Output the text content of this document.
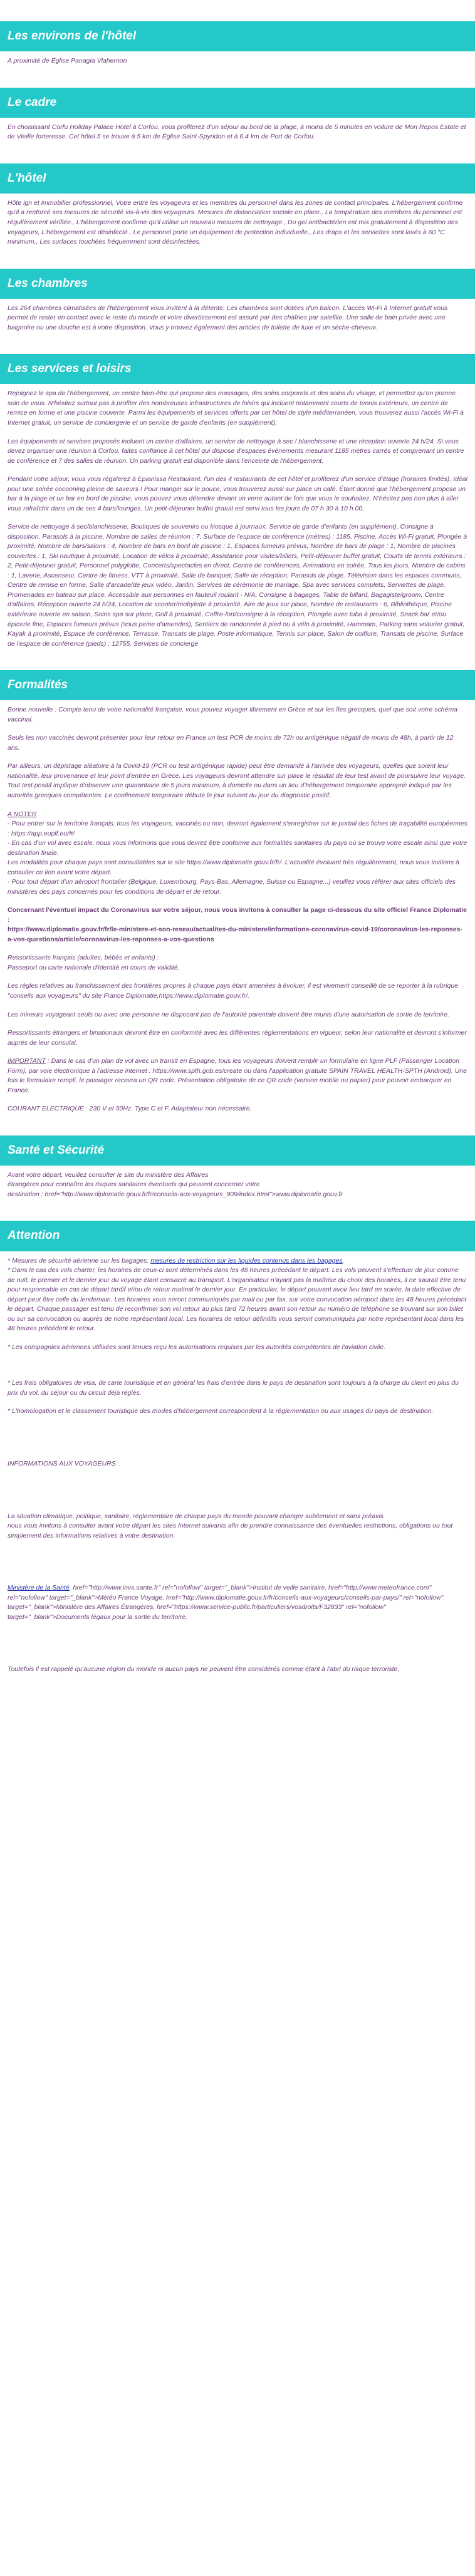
Les environs de l'hôtel

A proximité de Église Panagia Vlahernon

Le cadre

En choisissant Corfu Holiday Palace Hotel à Corfou, vous profiterez d'un séjour au bord de la plage, à moins de 5 minutes en voiture de Mon Repos Estate et de Vieille forteresse. Cet hôtel 5 se trouve à 5 km de Église Saint-Spyridon et à 6,4 km de Port de Corfou.

L'hôtel

Hôte ign et immobilier professionnel, Votre entre les voyageurs et les membres du personnel dans les zones de contact principales. L'hébergement confirme qu'il a renforcé ses mesures de sécurité vis-à-vis des voyageurs. Mesures de distanciation sociale en place., La température des membres du personnel est régulièrement vérifiée., L'hébergement confirme qu'il utilise un nouveau mesures de nettoyage., Du gel antibactérien est mis gratuitement à disposition des voyageurs, L'hébergement est désinfecté., Le personnel porte un équipement de protection individuelle., Les draps et les serviettes sont lavés à 60 °C minimum., Les surfaces touchées fréquemment sont désinfectées.

Les chambres

Les 264 chambres climatisées de l'hébergement vous invitent à la détente. Les chambres sont dotées d'un balcon. L'accès Wi-Fi à Internet gratuit vous permet de rester en contact avec le reste du monde et votre divertissement est assuré par des chaînes par satellite. Une salle de bain privée avec une baignoire ou une douche est à votre disposition. Vous y trouvez également des articles de toilette de luxe et un sèche-cheveux.

Les services et loisirs

Rejoignez le spa de l'hébergement, un centre bien-être qui propose des massages, des soins corporels et des soins du visage, et permettez qu'on prenne soin de vous. N'hésitez surtout pas à profiter des nombreuses infrastructures de loisirs qui incluent notamment courts de tennis extérieurs, un centre de remise en forme et une piscine couverte. Parmi les équipements et services offerts par cet hôtel de style méditerranéen, vous trouverez aussi l'accès Wi-Fi à Internet gratuit, un service de conciergerie et un service de garde d'enfants (en supplément).

Les équipements et services proposés incluent un centre d'affaires, un service de nettoyage à sec / blanchisserie et une réception ouverte 24 h/24. Si vous devez organiser une réunion à Corfou, faites confiance à cet hôtel qui dispose d'espaces événements mesurant 1185 mètres carrés et comprenant un centre de conférence et 7 des salles de réunion. Un parking gratuit est disponible dans l'enceinte de l'hébergement.

Pendant votre séjour, vous vous régalerez à Epianissa Restaurant, l'un des 4 restaurants de cet hôtel et profiterez d'un service d'étage (horaires limités). Idéal pour une soirée cocooning pleine de saveurs ! Pour manger sur le pouce, vous trouverez aussi sur place un café. Étant donné que l'hébergement propose un bar à la plage et un bar en bord de piscine, vous pouvez vous détendre devant un verre autant de fois que vous le souhaitez. N'hésitez pas non plus à aller vous rafraîchir dans un de ses 4 bars/lounges. Un petit-déjeuner buffet gratuit est servi tous les jours de 07 h 30 à 10 h 00.

Service de nettoyage à sec/blanchisserie, Boutiques de souvenirs ou kiosque à journaux, Service de garde d'enfants (en supplément), Consigne à disposition, Parasols à la piscine, Nombre de salles de réunion : 7, Surface de l'espace de conférence (mètres) : 1185, Piscine, Accès Wi-Fi gratuit, Plongée à proximité, Nombre de bars/salons : 4, Nombre de bars en bord de piscine : 1, Espaces fumeurs prévus, Nombre de bars de plage : 1, Nombre de piscines couvertes : 1, Ski nautique à proximité, Location de vélos à proximité, Assistance pour visites/billets, Petit-déjeuner buffet gratuit, Courts de tennis extérieurs : 2, Petit-déjeuner gratuit, Personnel polyglotte, Concerts/spectacles en direct, Centre de conférences, Animations en soirée, Tous les jours, Nombre de cabins : 1, Laverie, Ascenseur, Centre de fitness, VTT à proximité, Salle de banquet, Salle de réception, Parasols de plage, Télévision dans les espaces communs, Centre de remise en forme, Salle d'arcade/de jeux vidéo, Jardin, Services de cérémonie de mariage, Spa avec services complets, Serviettes de plage, Promenades en bateau sur place, Accessible aux personnes en fauteuil roulant - N/A, Consigne à bagages, Table de billard, Bagagiste/groom, Centre d'affaires, Réception ouverte 24 h/24, Location de scooter/mobylette à proximité, Aire de jeux sur place, Nombre de restaurants : 6, Bibliothèque, Piscine extérieure ouverte en saison, Soins spa sur place, Golf à proximité, Coffre-fort/consigne à la réception, Plongée avec tuba à proximité, Snack bar et/ou épicerie fine, Espaces fumeurs prévus (sous peine d'amendes), Sentiers de randonnée à pied ou à vélo à proximité, Hammam, Parking sans voiturier gratuit, Kayak à proximité, Espace de conférence, Terrasse, Transats de plage, Poste informatique, Tennis sur place, Salon de coiffure, Transats de piscine, Surface de l'espace de conférence (pieds) : 12755, Services de concierge

Formalités

Bonne nouvelle : Compte tenu de votre nationalité française, vous pouvez voyager librement en Grèce et sur les îles grecques, quel que soit votre schéma vaccinal.

Seuls les non vaccinés devront présenter pour leur retour en France un test PCR de moins de 72h ou antigénique négatif de moins de 48h, à partir de 12 ans.

Par ailleurs, un dépistage aléatoire à la Covid-19 (PCR ou test antigénique rapide) peut être demandé à l'arrivée des voyageurs, quelles que soient leur nationalité, leur provenance et leur point d'entrée en Grèce. Les voyageurs devront attendre sur place le résultat de leur test avant de poursuivre leur voyage. Tout test positif implique d'observer une quarantaine de 5 jours minimum, à domicile ou dans un lieu d'hébergement temporaire approprié indiqué par les autorités grecques compétentes. Le confinement temporaire débute le jour suivant du jour du diagnostic positif.

A NOTER
- Pour entrer sur le territoire français, tous les voyageurs, vaccinés ou non, devront également s'enregistrer sur le portail des fiches de traçabilité européennes : https://app.euplf.eu/#/
- En cas d'un vol avec escale, nous vous informons que vous devrez être conforme aux formalités sanitaires du pays où se trouve votre escale ainsi que votre destination finale.
Les modalités pour chaque pays sont consultables sur le site https://www.diplomatie.gouv.fr/fr/. L'actualité évoluant très régulièrement, nous vous invitons à consulter ce lien avant votre départ.
- Pour tout départ d'un aéroport frontalier (Belgique, Luxembourg, Pays-Bas, Allemagne, Suisse ou Espagne...) veuillez vous référer aux sites officiels des ministères des pays concernés pour les conditions de départ et de retour.

Concernant l'éventuel impact du Coronavirus sur votre séjour, nous vous invitons à consulter la page ci-dessous du site officiel France Diplomatie :
https://www.diplomatie.gouv.fr/fr/le-ministere-et-son-reseau/actualites-du-ministere/informations-coronavirus-covid-19/coronavirus-les-reponses-a-vos-questions/article/coronavirus-les-reponses-a-vos-questions

Ressortissants français (adultes, bébés et enfants) :
Passeport ou carte nationale d'identité en cours de validité.

Les règles relatives au franchissement des frontières propres à chaque pays étant amenées à évoluer, il est vivement conseillé de se reporter à la rubrique "conseils aux voyageurs" du site France Diplomatie,https://www.diplomatie.gouv.fr/.

Les mineurs voyageant seuls ou avec une personne ne disposant pas de l'autorité parentale doivent être munis d'une autorisation de sortie de territoire.

Ressortissants étrangers et binationaux devront être en conformité avec les différentes réglementations en vigueur, selon leur nationalité et devront s'informer auprès de leur consulat.

IMPORTANT : Dans le cas d'un plan de vol avec un transit en Espagne, tous les voyageurs doivent remplir un formulaire en ligne PLF (Passenger Location Form), par voie électronique à l'adresse internet : https://www.spth.gob.es/create ou dans l'application gratuite SPAIN TRAVEL HEALTH-SPTH (Android). Une fois le formulaire rempli, le passager recevra un QR code. Présentation obligatoire de ce QR code (version mobile ou papier) pour pouvoir embarquer en France.

COURANT ELECTRIQUE : 230 V et 50Hz. Type C et F. Adaptateur non nécessaire.

Santé et Sécurité

Avant votre départ, veuillez consulter le site du ministère des Affaires
étrangères pour connaître les risques sanitaires éventuels qui peuvent concerner votre
destination : href="http://www.diplomatie.gouv.fr/fr/conseils-aux-voyageurs_909/index.html">www.diplomatie.gouv.fr

Attention

* Mesures de sécurité aérienne sur les bagages: mesures de restriction sur les liquides contenus dans les bagages.

* Dans le cas des vols charter, les horaires de ceux-ci sont déterminés dans les 48 heures précédant le départ. Les vols peuvent s'effectuer de jour comme de nuit, le premier et le dernier jour du voyage étant consacré au transport. L'organisateur n'ayant pas la maîtrise du choix des horaires, il ne saurait être tenu pour responsable en cas de départ tardif et/ou de retour matinal le dernier jour. En particulier, le départ pouvant avoir lieu tard en soirée, la date effective de départ peut être celle du lendemain. Les horaires vous seront communiqués par mail ou par fax, sur votre convocation aéroport dans les 48 heures précédant le départ. Chaque passager est tenu de reconfirmer son vol retour au plus tard 72 heures avant son retour au numéro de téléphone se trouvant sur son billet ou sur sa convocation ou auprès de notre représentant local. Les horaires de retour définitifs vous seront communiqués par notre représentant local dans les 48 heures précédent le retour.

* Les compagnies aériennes utilisées sont tenues reçu les autorisations requises par les autorités compétentes de l'aviation civile.

* Les frais obligatoires de visa, de carte touristique et en général les frais d'entrée dans le pays de destination sont toujours à la charge du client en plus du prix du vol, du séjour ou du circuit déjà réglés.

* L'homologation et le classement touristique des modes d'hébergement correspondent à la réglementation ou aux usages du pays de destination.

INFORMATIONS AUX VOYAGEURS :

La situation climatique, politique, sanitaire, réglementaire de chaque pays du monde pouvant changer subitement et sans préavis
nous vous invitons à consulter avant votre départ les sites Internet suivants afin de prendre connaissance des éventuelles restrictions, obligations ou tout simplement des informations relatives à votre destination.

Ministère de la Santé, href="http://www.invs.sante.fr" rel="nofollow" target="_blank">Institut de veille sanitaire, href="http://www.meteofrance.com" rel="nofollow" target="_blank">Météo France Voyage, href="http://www.diplomatie.gouv.fr/fr/conseils-aux-voyageurs/conseils-par-pays/" rel="nofollow" target="_blank">Ministère des Affaires Étrangères, href="https://www.service-public.fr/particuliers/vosdroits/F32833" rel="nofollow" target="_blank">Documents légaux pour la sortie du territoire.

Toutefois il est rappelé qu'aucune région du monde ni aucun pays ne peuvent être considérés comme étant à l'abri du risque terroriste.
